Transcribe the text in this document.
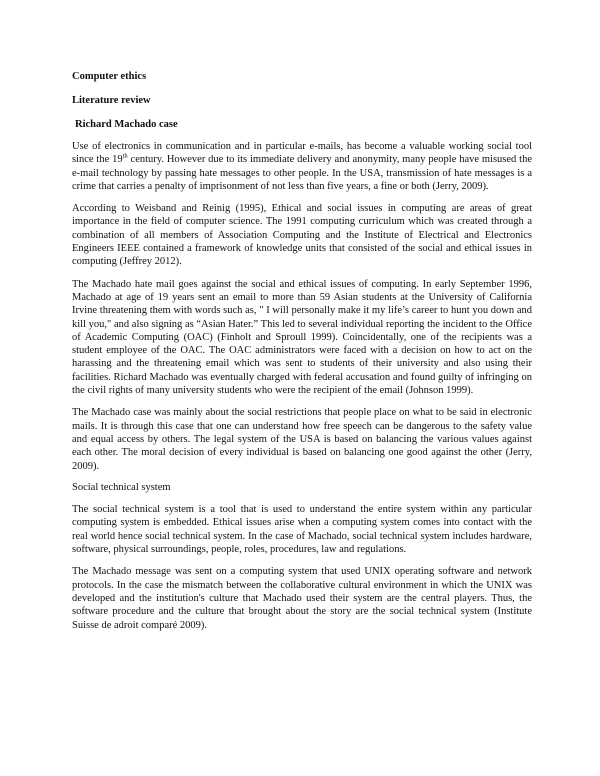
Computer ethics
Literature review
Richard Machado case

Use of electronics in communication and in particular e-mails, has become a valuable working social tool since the 19th century. However due to its immediate delivery and anonymity, many people have misused the e-mail technology by passing hate messages to other people. In the USA, transmission of hate messages is a crime that carries a penalty of imprisonment of not less than five years, a fine or both (Jerry, 2009).

According to Weisband and Reinig (1995), Ethical and social issues in computing are areas of great importance in the field of computer science. The 1991 computing curriculum which was created through a combination of all members of Association Computing and the Institute of Electrical and Electronics Engineers IEEE contained a framework of knowledge units that consisted of the social and ethical issues in computing (Jeffrey 2012).

The Machado hate mail goes against the social and ethical issues of computing. In early September 1996, Machado at age of 19 years sent an email to more than 59 Asian students at the University of California Irvine threatening them with words such as, " I will personally make it my life’s career to hunt you down and kill you," and also signing as “Asian Hater.” This led to several individual reporting the incident to the Office of Academic Computing (OAC) (Finholt and Sproull 1999). Coincidentally, one of the recipients was a student employee of the OAC. The OAC administrators were faced with a decision on how to act on the harassing and the threatening email which was sent to students of their university and also using their facilities. Richard Machado was eventually charged with federal accusation and found guilty of infringing on the civil rights of many university students who were the recipient of the email (Johnson 1999).

The Machado case was mainly about the social restrictions that people place on what to be said in electronic mails. It is through this case that one can understand how free speech can be dangerous to the safety value and equal access by others. The legal system of the USA is based on balancing the various values against each other. The moral decision of every individual is based on balancing one good against the other (Jerry, 2009).

Social technical system

The social technical system is a tool that is used to understand the entire system within any particular computing system is embedded. Ethical issues arise when a computing system comes into contact with the real world hence social technical system. In the case of Machado, social technical system includes hardware, software, physical surroundings, people, roles, procedures, law and regulations.

The Machado message was sent on a computing system that used UNIX operating software and network protocols. In the case the mismatch between the collaborative cultural environment in which the UNIX was developed and the institution's culture that Machado used their system are the central players. Thus, the software procedure and the culture that brought about the story are the social technical system (Institute Suisse de adroit comparé 2009).
